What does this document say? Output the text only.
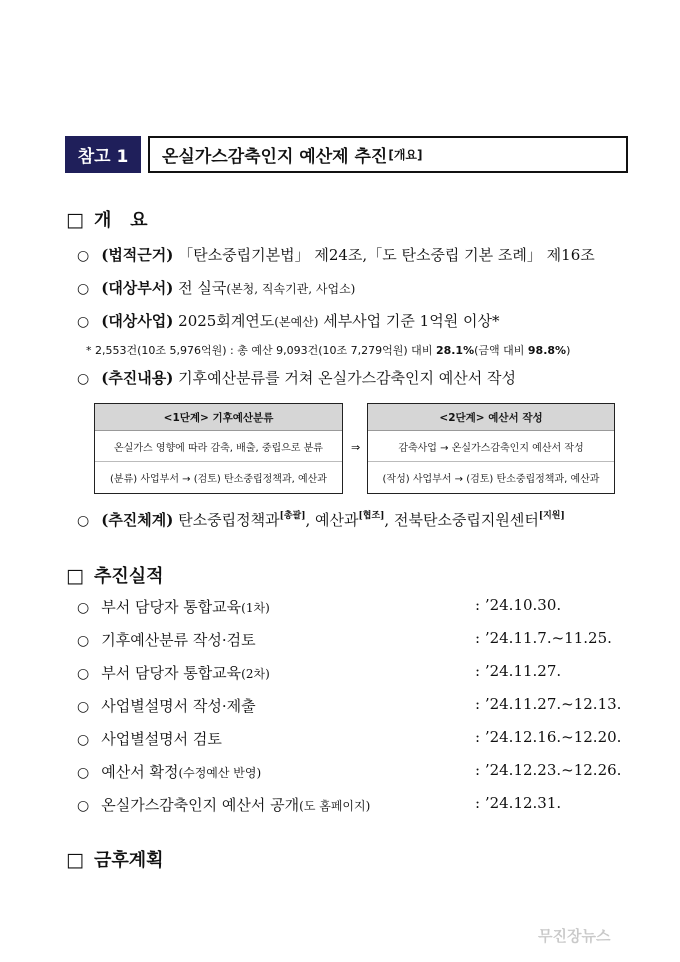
참고 1	온실가스감축인지 예산제 추진 [개요]
□ 개   요
○ (법적근거) 「탄소중립기본법」 제24조,「도 탄소중립 기본 조례」 제16조
○ (대상부서) 전 실국(본청, 직속기관, 사업소)
○ (대상사업) 2025회계연도(본예산) 세부사업 기준 1억원 이상*
* 2,553건(10조 5,976억원) : 총 예산 9,093건(10조 7,279억원) 대비 28.1%(금액 대비 98.8%)
○ (추진내용) 기후예산분류를 거쳐 온실가스감축인지 예산서 작성
<1단계> 기후예산분류
온실가스 영향에 따라 감축, 배출, 중립으로 분류
(분류) 사업부서 → (검토) 탄소중립정책과, 예산과
⇒
<2단계> 예산서 작성
감축사업 → 온실가스감축인지 예산서 작성
(작성) 사업부서 → (검토) 탄소중립정책과, 예산과
○ (추진체계) 탄소중립정책과[총괄], 예산과[협조], 전북탄소중립지원센터[지원]
□ 추진실적
○ 부서 담당자 통합교육(1차)	: ’24.10.30.
○ 기후예산분류 작성·검토	: ’24.11.7.~11.25.
○ 부서 담당자 통합교육(2차)	: ’24.11.27.
○ 사업별설명서 작성·제출	: ’24.11.27.~12.13.
○ 사업별설명서 검토	: ’24.12.16.~12.20.
○ 예산서 확정(수정예산 반영)	: ’24.12.23.~12.26.
○ 온실가스감축인지 예산서 공개(도 홈페이지)	: ’24.12.31.
□ 금후계획
무진장뉴스
